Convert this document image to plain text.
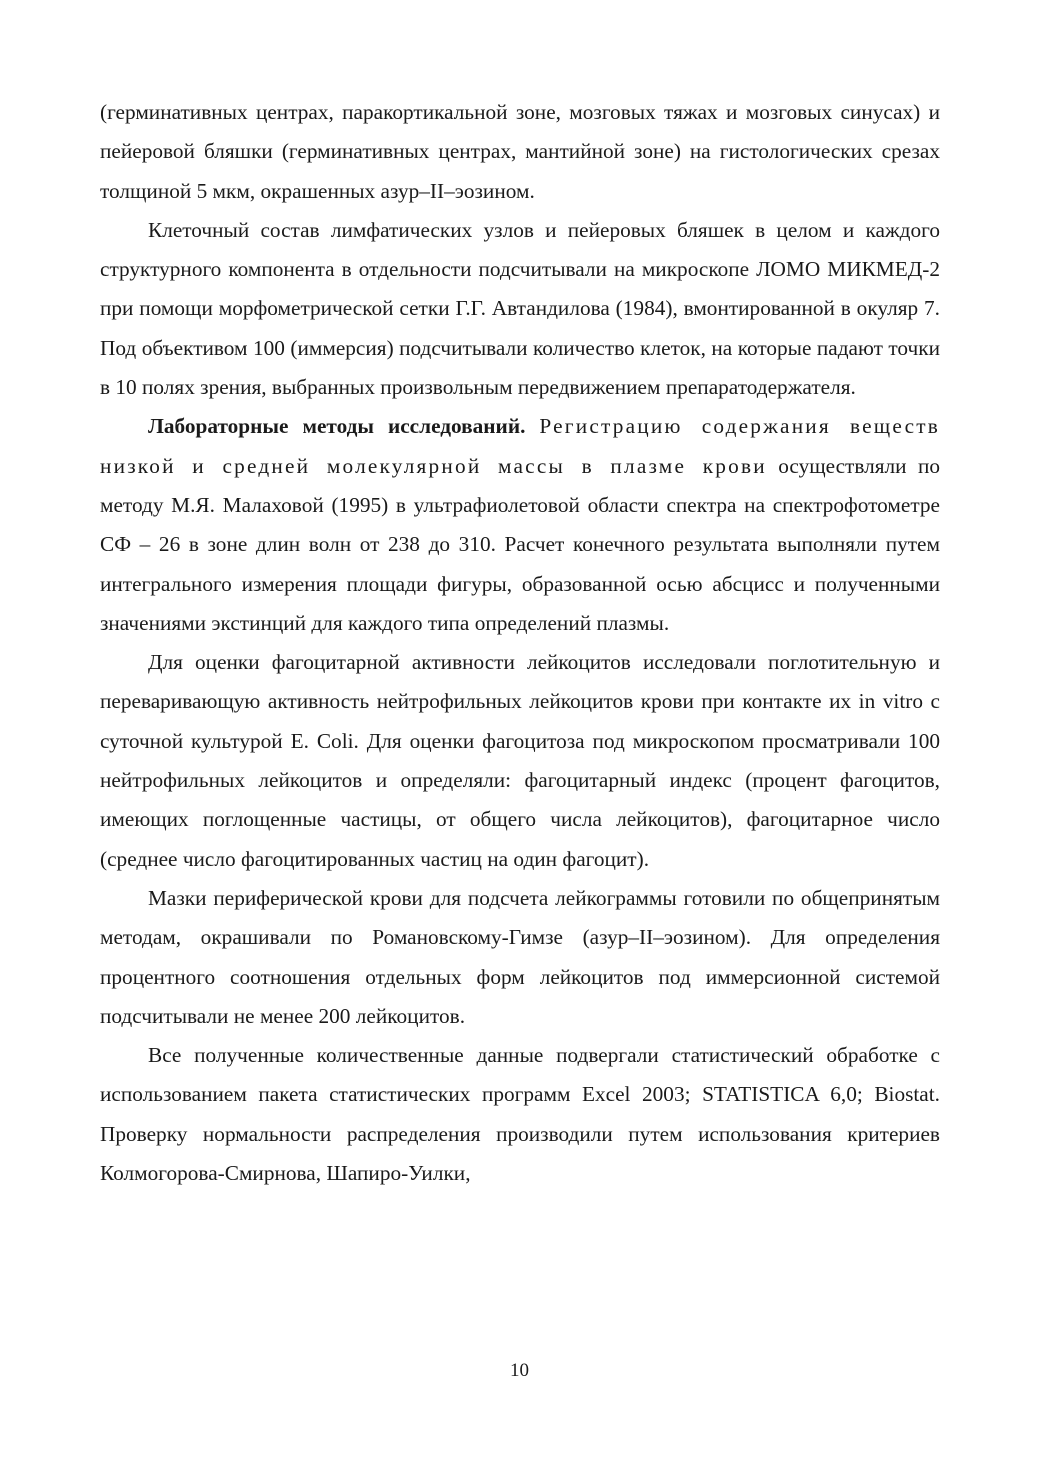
(герминативных центрах, паракортикальной зоне, мозговых тяжах и мозговых синусах) и пейеровой бляшки (герминативных центрах, мантийной зоне) на гистологических срезах толщиной 5 мкм, окрашенных азур–II–эозином.

Клеточный состав лимфатических узлов и пейеровых бляшек в целом и каждого структурного компонента в отдельности подсчитывали на микроскопе ЛОМО МИКМЕД-2 при помощи морфометрической сетки Г.Г. Автандилова (1984), вмонтированной в окуляр 7. Под объективом 100 (иммерсия) подсчитывали количество клеток, на которые падают точки в 10 полях зрения, выбранных произвольным передвижением препаратодержателя.

Лабораторные методы исследований. Регистрацию содержания веществ низкой и средней молекулярной массы в плазме крови осуществляли по методу М.Я. Малаховой (1995) в ультрафиолетовой области спектра на спектрофотометре СФ – 26 в зоне длин волн от 238 до 310. Расчет конечного результата выполняли путем интегрального измерения площади фигуры, образованной осью абсцисс и полученными значениями экстинций для каждого типа определений плазмы.

Для оценки фагоцитарной активности лейкоцитов исследовали поглотительную и переваривающую активность нейтрофильных лейкоцитов крови при контакте их in vitro с суточной культурой E. Coli. Для оценки фагоцитоза под микроскопом просматривали 100 нейтрофильных лейкоцитов и определяли: фагоцитарный индекс (процент фагоцитов, имеющих поглощенные частицы, от общего числа лейкоцитов), фагоцитарное число (среднее число фагоцитированных частиц на один фагоцит).

Мазки периферической крови для подсчета лейкограммы готовили по общепринятым методам, окрашивали по Романовскому-Гимзе (азур–II–эозином). Для определения процентного соотношения отдельных форм лейкоцитов под иммерсионной системой подсчитывали не менее 200 лейкоцитов.

Все полученные количественные данные подвергали статистический обработке с использованием пакета статистических программ Excel 2003; STATISTICA 6,0; Biostat. Проверку нормальности распределения производили путем использования критериев Колмогорова-Смирнова, Шапиро-Уилки,

10
